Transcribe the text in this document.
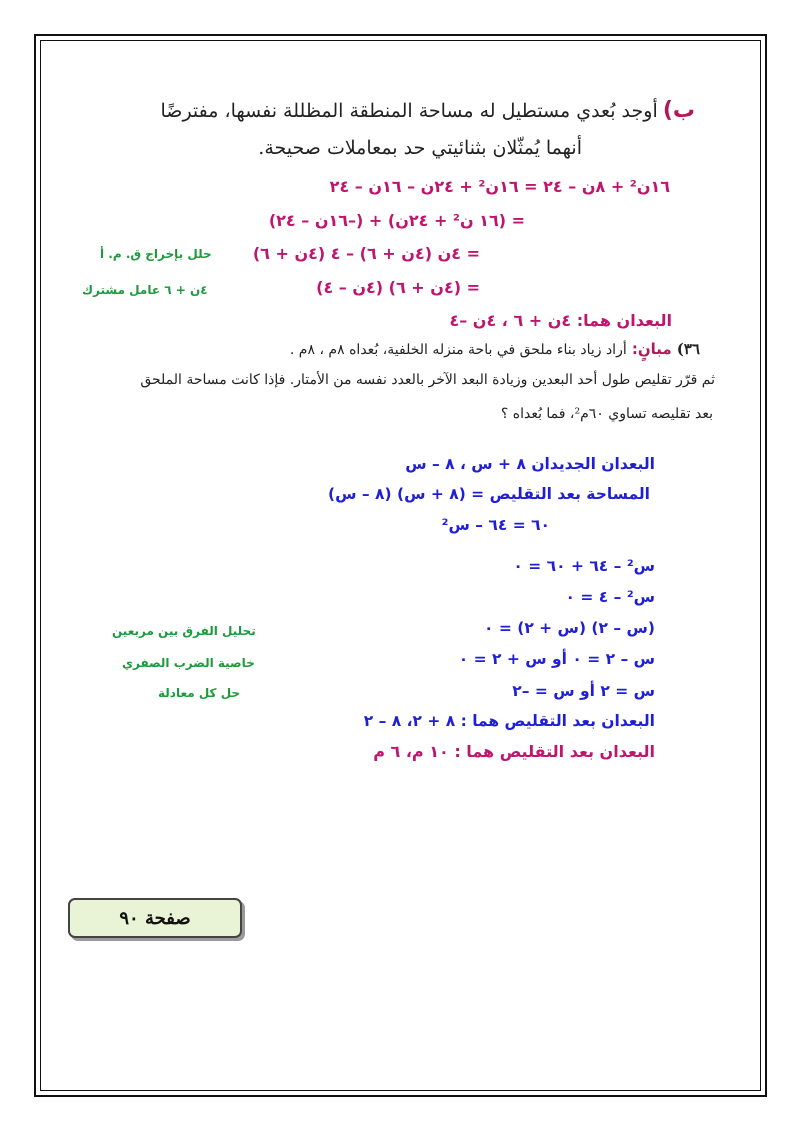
ب) أوجد بُعدي مستطيل له مساحة المنطقة المظللة نفسها، مفترضًا
أنهما يُمثّلان بثنائيتي حد بمعاملات صحيحة.
١٦ن² + ٨ن – ٢٤ = ١٦ن² + ٢٤ن – ١٦ن – ٢٤
= (١٦ ن² + ٢٤ن) + (–١٦ن – ٢٤)
= ٤ن (٤ن + ٦) – ٤ (٤ن + ٦)
= (٤ن + ٦) (٤ن – ٤)
حلل بإخراج ق. م. أ
٤ن + ٦ عامل مشترك
البعدان هما: ٤ن + ٦ ، ٤ن –٤
٣٦) مبانٍ: أراد زياد بناء ملحق في باحة منزله الخلفية، بُعداه ٨م ، ٨م .
ثم قرّر تقليص طول أحد البعدين وزيادة البعد الآخر بالعدد نفسه من الأمتار. فإذا كانت مساحة الملحق
بعد تقليصه تساوي ٦٠م²، فما بُعداه ؟
البعدان الجديدان ٨ + س ، ٨ – س
المساحة بعد التقليص = (٨ + س) (٨ – س)
٦٠ = ٦٤ – س²
س² – ٦٤ + ٦٠ = ٠
س² – ٤ = ٠
(س – ٢) (س + ٢) = ٠
س – ٢ = ٠ أو س + ٢ = ٠
س = ٢ أو س = –٢
البعدان بعد التقليص هما : ٨ + ٢، ٨ – ٢
البعدان بعد التقليص هما : ١٠ م، ٦ م
تحليل الفرق بين مربعين
خاصية الضرب الصفري
حل كل معادلة
صفحة ٩٠
